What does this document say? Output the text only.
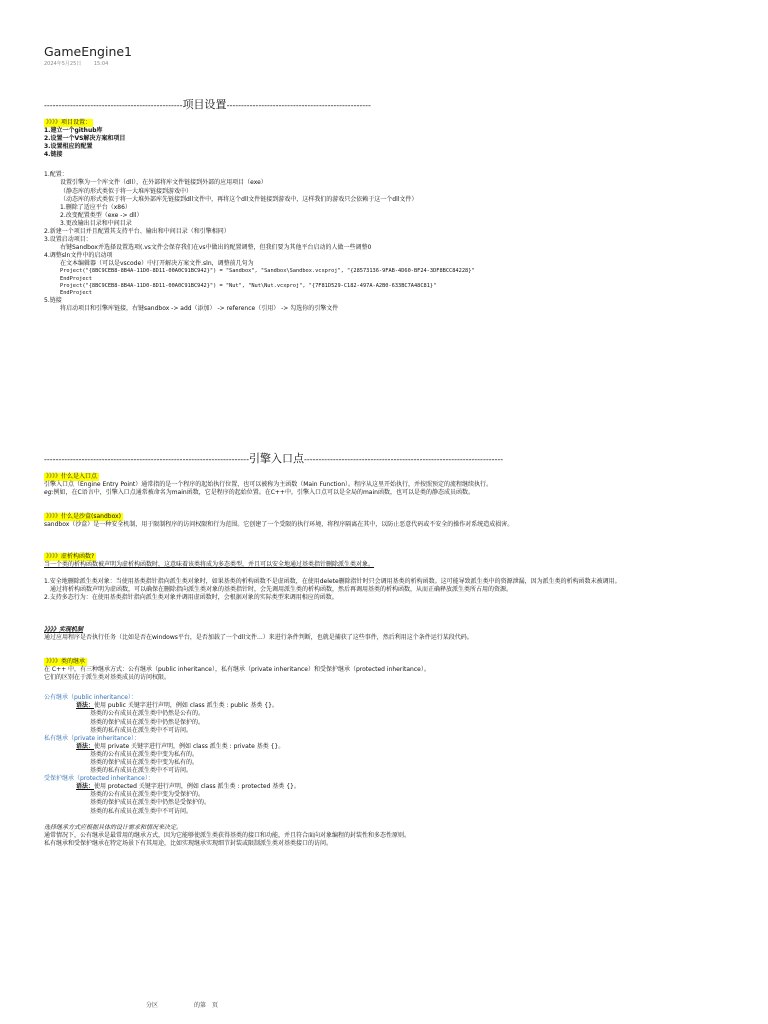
GameEngine1
2024年5月25日	15:04
------------------------------------------------项目设置--------------------------------------------------
》》》》项目设置：
1.建立一个github库
2.设置一个VS解决方案和项目
3.设置相应的配置
4.链接
1.配置：
设置引擎为一个库文件（dll），在外部将库文件链接到外部的应用项目（exe）
（静态库的形式类似于将一大堆库链接到游戏中）
（动态库的形式类似于将一大堆外部库先链接到dll文件中，再将这个dll文件链接到游戏中，这样我们的游戏只会依赖于这一个dll文件）
1.删除了适应平台（x86）
2.改变配置类型（exe -> dll）
3.更改输出目录和中间目录
2.新建一个项目并且配置其支持平台、输出和中间目录（和引擎相同）
3.设置启动项目：
右键Sandbox并选择设置选项(.vs文件会保存我们在vs中做出的配置调整，但我们要为其他平台启动的人做一些调整0
4.调整sln文件中的启动项
在文本编辑器（可以是vscode）中打开解决方案文件.sln，调整前几句为
Project("{8BC9CEB8-8B4A-11D0-8D11-00A0C91BC942}") = "Sandbox", "Sandbox\Sandbox.vcxproj", "{28573136-9FAB-4D60-BF24-3DF8BCC84228}"
EndProject
Project("{8BC9CEB8-8B4A-11D0-8D11-00A0C91BC942}") = "Nut", "Nut\Nut.vcxproj", "{7F81D529-C182-497A-A2B0-633BC7A48C81}"
EndProject
5.链接
将启动项目和引擎库链接，右键sandbox -> add（添加） -> reference（引用） -> 勾选你的引擎文件
-----------------------------------------------------------------------引擎入口点---------------------------------------------------------------------
》》》》什么是入口点
引擎入口点（Engine Entry Point）通常指的是一个程序的起始执行位置，也可以被称为主函数（Main Function）。程序从这里开始执行，并按照预定的流程继续执行。
eg:例如，在C语言中，引擎入口点通常被命名为main函数，它是程序的起始位置。在C++中，引擎入口点可以是全局的main函数，也可以是类的静态成员函数。
》》》》什么是沙盒(sandbox)
sandbox（沙盒）是一种安全机制，用于限制程序的访问权限和行为范围。它创建了一个受限的执行环境，将程序隔离在其中，以防止恶意代码或不安全的操作对系统造成损害。
》》》》虚析构函数?
当一个类的析构函数被声明为虚析构函数时，这意味着该类将成为多态类型，并且可以安全地通过基类指针删除派生类对象。
1.安全地删除派生类对象：当使用基类指针指向派生类对象时，如果基类的析构函数不是虚函数，在使用delete删除指针时只会调用基类的析构函数。这可能导致派生类中的资源泄漏，因为派生类的析构函数未被调用。
通过将析构函数声明为虚函数，可以确保在删除指向派生类对象的基类指针时，会先调用派生类的析构函数，然后再调用基类的析构函数，从而正确释放派生类所占用的资源。
2.支持多态行为：在使用基类指针指向派生类对象并调用虚函数时，会根据对象的实际类型来调用相应的函数。
》》》》实现机制
通过应用程序是否执行任务（比如是否在windows平台，是否加载了一个dll文件...）来进行条件判断，也就是捕获了这些事件，然后利用这个条件运行某段代码。
》》》》类的继承
在 C++ 中，有三种继承方式：公有继承（public inheritance），私有继承（private inheritance）和受保护继承（protected inheritance）。
它们的区别在于派生类对基类成员的访问权限。
公有继承（public inheritance）：
语法：使用 public 关键字进行声明，例如 class 派生类 : public 基类 {}。
基类的公有成员在派生类中仍然是公有的。
基类的保护成员在派生类中仍然是保护的。
基类的私有成员在派生类中不可访问。
私有继承（private inheritance）：
语法：使用 private 关键字进行声明，例如 class 派生类 : private 基类 {}。
基类的公有成员在派生类中变为私有的。
基类的保护成员在派生类中变为私有的。
基类的私有成员在派生类中不可访问。
受保护继承（protected inheritance）：
语法：使用 protected 关键字进行声明，例如 class 派生类 : protected 基类 {}。
基类的公有成员在派生类中变为受保护的。
基类的保护成员在派生类中仍然是受保护的。
基类的私有成员在派生类中不可访问。
选择继承方式应根据具体的设计需求和情况来决定。
通常情况下，公有继承是最常用的继承方式，因为它能够使派生类获得基类的接口和功能，并且符合面向对象编程的封装性和多态性原则。
私有继承和受保护继承在特定场景下有其用途，比如实现继承实现细节封装或限制派生类对基类接口的访问。
分区	的第　页
